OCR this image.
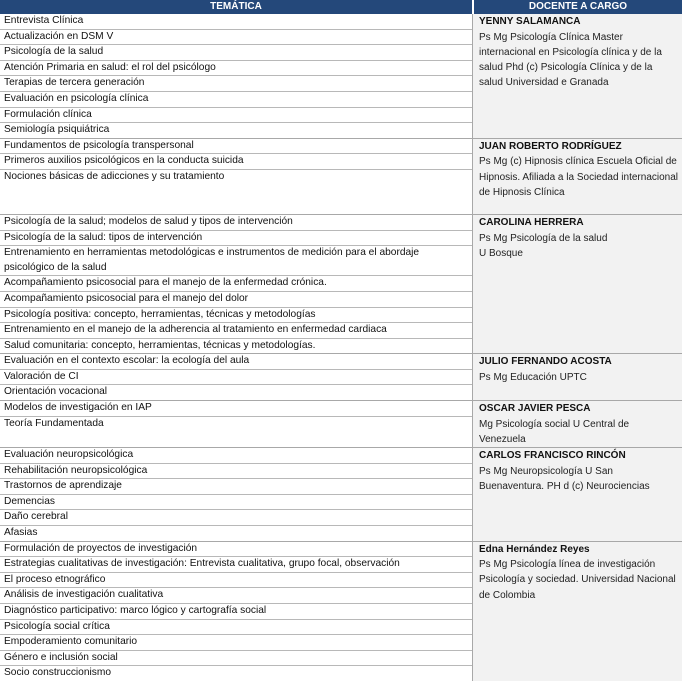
TEMÁTICA	DOCENTE A CARGO
Entrevista Clínica
Actualización en DSM V
Psicología de la salud
Atención Primaria en salud: el rol del psicólogo
Terapias de tercera generación
Evaluación en psicología clínica
Formulación clínica
Semiología psiquiátrica
YENNY SALAMANCA
Ps Mg Psicología Clínica Master internacional en Psicología clínica y de la salud Phd (c) Psicología Clínica y de la salud Universidad e Granada
Fundamentos de psicología transpersonal
Primeros auxilios psicológicos en la conducta suicida
Nociones básicas de adicciones y su tratamiento
JUAN ROBERTO RODRÍGUEZ
Ps Mg (c) Hipnosis clínica Escuela Oficial de Hipnosis. Afiliada a la Sociedad internacional de Hipnosis Clínica
Psicología de la salud; modelos de salud y tipos de intervención
Psicología de la salud: tipos de intervención
Entrenamiento en herramientas metodológicas e instrumentos de medición para el abordaje psicológico de la salud
Acompañamiento psicosocial para el manejo de la enfermedad crónica.
Acompañamiento psicosocial para el manejo del dolor
Psicología positiva: concepto, herramientas, técnicas y metodologías
Entrenamiento en el manejo de la adherencia al tratamiento en enfermedad cardiaca
Salud comunitaria: concepto, herramientas, técnicas y metodologías.
CAROLINA HERRERA
Ps Mg Psicología de la salud U Bosque
Evaluación en el contexto escolar: la ecología del aula
Valoración de CI
Orientación vocacional
JULIO FERNANDO ACOSTA
Ps Mg Educación UPTC
Modelos de investigación en IAP
Teoría Fundamentada
OSCAR JAVIER PESCA
Mg Psicología social U Central de Venezuela
Evaluación neuropsicológica
Rehabilitación neuropsicológica
Trastornos de aprendizaje
Demencias
Daño cerebral
Afasias
CARLOS FRANCISCO RINCÓN
Ps Mg Neuropsicología U San Buenaventura. PH d (c) Neurociencias
Formulación de proyectos de investigación
Estrategias cualitativas de investigación: Entrevista cualitativa, grupo focal, observación
El proceso etnográfico
Análisis de investigación cualitativa
Diagnóstico participativo: marco lógico y cartografía social
Psicología social crítica
Empoderamiento comunitario
Género e inclusión social
Socio construccionismo
Edna Hernández Reyes
Ps Mg Psicología línea de investigación Psicología y sociedad. Universidad Nacional de Colombia
